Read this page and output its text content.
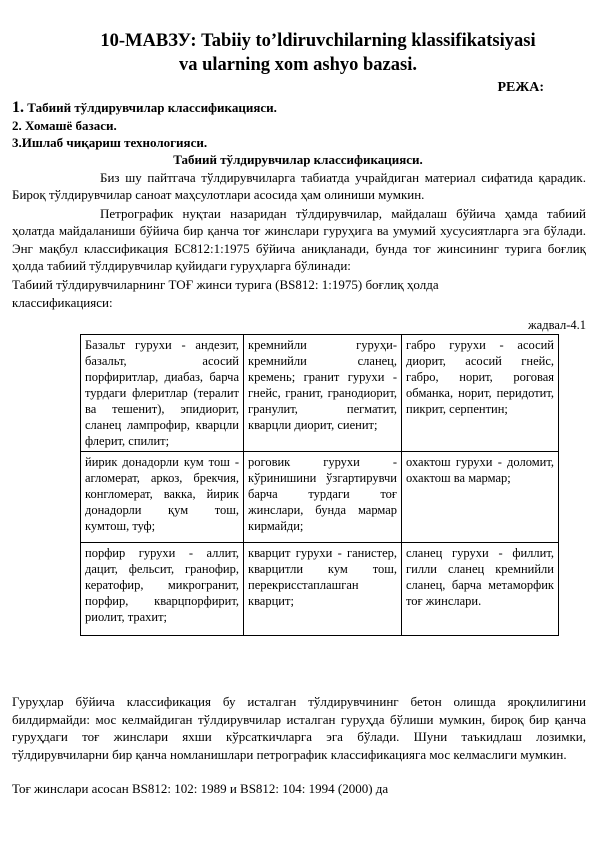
10-МАВЗУ: Tabiiy to’ldiruvchilarning klassifikatsiyasi
va ularning xom ashyo bazasi.
РЕЖА:
1. Табиий тўлдирувчилар классификацияси.
2. Хомашё базаси.
3.Ишлаб чиқариш технологияси.
Табиий тўлдирувчилар классификацияси.
Биз шу пайтгача тўлдирувчиларга табиатда учрайдиган материал сифатида қарадик. Бироқ тўлдирувчилар саноат маҳсулотлари асосида ҳам олиниши мумкин.
Петрографик нуқтаи назаридан тўлдирувчилар, майдалаш бўйича ҳамда табиий ҳолатда майдаланиши бўйича бир қанча тоғ жинслари гуруҳига ва умумий хусусиятларга эга бўлади. Энг мақбул классификация БС812:1:1975 бўйича аниқланади, бунда тоғ жинсининг турига боғлиқ ҳолда табиий тўлдирувчилар қуйидаги гуруҳларга бўлинади:
Табиий тўлдирувчиларнинг ТОҒ жинси турига (BS812: 1:1975) боғлиқ ҳолда
классификацияси:
жадвал-4.1
Базальт гурухи - андезит, базальт, асосий порфиритлар, диабаз, барча турдаги флеритлар (тералит ва тешенит), эпидиорит, сланец лампрофир, кварцли флерит, спилит;	кремнийли гуруҳи-кремнийли сланец, кремень; гранит гурухи - гнейс, гранит, гранодиорит, гранулит, пегматит, кварцли диорит, сиенит;	габро гурухи - асосий диорит, асосий гнейс, габро, норит, роговая обманка, норит, перидотит, пикрит, серпентин;

йирик донадорли кум тош - агломерат, аркоз, брекчия, конгломерат, вакка, йирик донадорли қум тош, кумтош, туф;	роговик гурухи - кўринишини ўзгартирувчи барча турдаги тоғ жинслари, бунда мармар кирмайди;	охактош гурухи - доломит, охактош ва мармар;

порфир гурухи - аллит, дацит, фельсит, гранофир, кератофир, микрогранит, порфир, кварцпорфирит, риолит, трахит;	кварцит гурухи - ганистер, кварцитли кум тош, перекрисстаплашган кварцит;	сланец гурухи - филлит, гилли сланец кремнийли сланец, барча метаморфик тоғ жинслари.
Гуруҳлар бўйича классификация бу исталган тўлдирувчининг бетон олишда яроқлилигини билдирмайди: мос келмайдиган тўлдирувчилар исталган гуруҳда бўлиши мумкин, бироқ бир қанча гуруҳдаги тоғ жинслари яхши кўрсаткичларга эга бўлади. Шуни таъкидлаш лозимки, тўлдирувчиларни бир қанча номланишлари петрографик классификацияга мос келмаслиги мумкин.
Тоғ жинслари асосан BS812: 102: 1989 и BS812: 104: 1994 (2000) да
